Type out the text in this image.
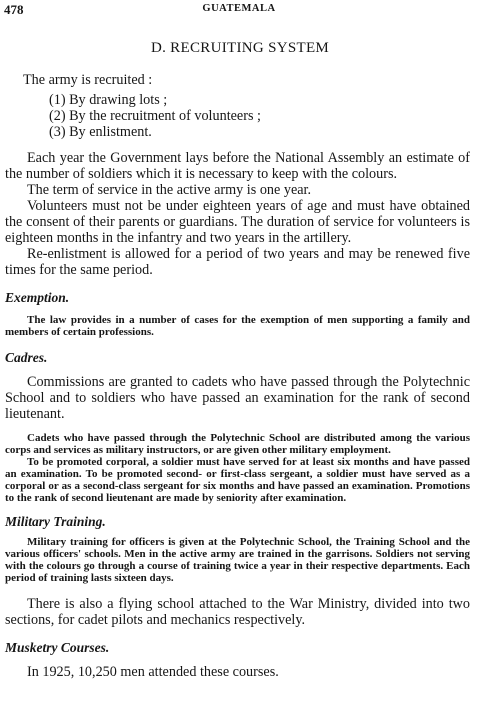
478	GUATEMALA
D. RECRUITING SYSTEM

The army is recruited :

(1) By drawing lots ;
(2) By the recruitment of volunteers ;
(3) By enlistment.

Each year the Government lays before the National Assembly an estimate of the number of soldiers which it is necessary to keep with the colours.

The term of service in the active army is one year.

Volunteers must not be under eighteen years of age and must have obtained the consent of their parents or guardians. The duration of service for volunteers is eighteen months in the infantry and two years in the artillery.

Re-enlistment is allowed for a period of two years and may be renewed five times for the same period.

Exemption.

The law provides in a number of cases for the exemption of men supporting a family and members of certain professions.

Cadres.

Commissions are granted to cadets who have passed through the Polytechnic School and to soldiers who have passed an examination for the rank of second lieutenant.

Cadets who have passed through the Polytechnic School are distributed among the various corps and services as military instructors, or are given other military employment.

To be promoted corporal, a soldier must have served for at least six months and have passed an examination. To be promoted second- or first-class sergeant, a soldier must have served as a corporal or as a second-class sergeant for six months and have passed an examination. Promotions to the rank of second lieutenant are made by seniority after examination.

Military Training.

Military training for officers is given at the Polytechnic School, the Training School and the various officers' schools. Men in the active army are trained in the garrisons. Soldiers not serving with the colours go through a course of training twice a year in their respective departments. Each period of training lasts sixteen days.

There is also a flying school attached to the War Ministry, divided into two sections, for cadet pilots and mechanics respectively.

Musketry Courses.

In 1925, 10,250 men attended these courses.
